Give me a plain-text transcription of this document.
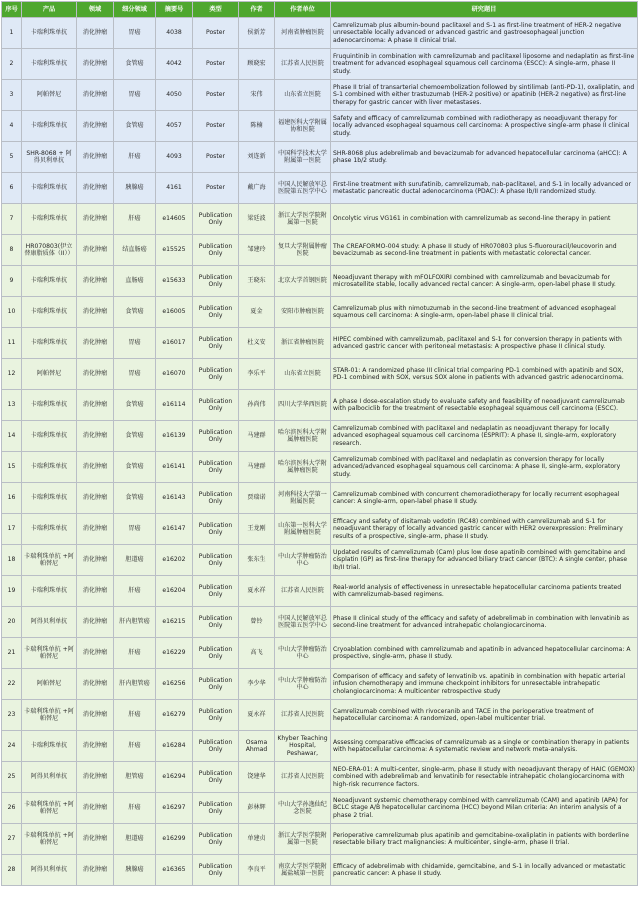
序号	产品	领域	细分领域	摘要号	类型	作者	作者单位	研究题目
1	卡瑞利珠单抗	消化肿瘤	胃癌	4038	Poster	侯新芳	河南省肿瘤医院	Camrelizumab plus albumin-bound paclitaxel and S-1 as first-line treatment of HER-2 negative unresectable locally advanced or advanced gastric and gastroesophageal junction adenocarcinoma: A phase II clinical trial.
2	卡瑞利珠单抗	消化肿瘤	食管癌	4042	Poster	顾晓宏	江苏省人民医院	Fruquintinib in combination with camrelizumab and paclitaxel liposome and nedaplatin as first-line treatment for advanced esophageal squamous cell carcinoma (ESCC): A single-arm, phase II study.
3	阿帕替尼	消化肿瘤	胃癌	4050	Poster	宋伟	山东省立医院	Phase II trial of transarterial chemoembolization followed by sintilimab (anti-PD-1), oxaliplatin, and S-1 combined with either trastuzumab (HER-2 positive) or apatinib (HER-2 negative) as first-line therapy for gastric cancer with liver metastases.
4	卡瑞利珠单抗	消化肿瘤	食管癌	4057	Poster	陈楠	福建医科大学附属协和医院	Safety and efficacy of camrelizumab combined with radiotherapy as neoadjuvant therapy for locally advanced esophageal squamous cell carcinoma: A prospective single-arm phase II clinical study.
5	SHR-8068 + 阿得贝利单抗	消化肿瘤	肝癌	4093	Poster	刘连新	中国科学技术大学附属第一医院	SHR-8068 plus adebrelimab and bevacizumab for advanced hepatocellular carcinoma (aHCC): A phase 1b/2 study.
6	卡瑞利珠单抗	消化肿瘤	胰腺癌	4161	Poster	戴广海	中国人民解放军总医院第五医学中心	First-line treatment with surufatinib, camrelizumab, nab-paclitaxel, and S-1 in locally advanced or metastatic pancreatic ductal adenocarcinoma (PDAC): A phase Ib/II randomized study.
7	卡瑞利珠单抗	消化肿瘤	肝癌	e14605	Publication Only	梁廷波	浙江大学医学院附属第一医院	Oncolytic virus VG161 in combination with camrelizumab as second-line therapy in patient
8	HR070803(伊立替康脂质体（II））	消化肿瘤	结直肠癌	e15525	Publication Only	邹建玲	复旦大学附属肿瘤医院	The CREAFORMO-004 study: A phase II study of HR070803 plus 5-fluorouracil/leucovorin and bevacizumab as second-line treatment in patients with metastatic colorectal cancer.
9	卡瑞利珠单抗	消化肿瘤	直肠癌	e15633	Publication Only	王晓东	北京大学首钢医院	Neoadjuvant therapy with mFOLFOXIRI combined with camrelizumab and bevacizumab for microsatellite stable, locally advanced rectal cancer: A single-arm, open-label phase II study.
10	卡瑞利珠单抗	消化肿瘤	食管癌	e16005	Publication Only	夏金	安阳市肿瘤医院	Camrelizumab plus with nimotuzumab in the second-line treatment of advanced esophageal squamous cell carcinoma: A single-arm, open-label phase II clinical trial.
11	卡瑞利珠单抗	消化肿瘤	胃癌	e16017	Publication Only	杜义安	浙江省肿瘤医院	HIPEC combined with camrelizumab, paclitaxel and S-1 for conversion therapy in patients with advanced gastric cancer with peritoneal metastasis: A prospective phase II clinical study.
12	阿帕替尼	消化肿瘤	胃癌	e16070	Publication Only	李乐平	山东省立医院	STAR-01: A randomized phase III clinical trial comparing PD-1 combined with apatinib and SOX, PD-1 combined with SOX, versus SOX alone in patients with advanced gastric adenocarcinoma.
13	卡瑞利珠单抗	消化肿瘤	食管癌	e16114	Publication Only	孙尚伟	四川大学华西医院	A phase I dose-escalation study to evaluate safety and feasibility of neoadjuvant camrelizumab with palbociclib for the treatment of resectable esophageal squamous cell carcinoma (ESCC).
14	卡瑞利珠单抗	消化肿瘤	食管癌	e16139	Publication Only	马建群	哈尔滨医科大学附属肿瘤医院	Camrelizumab combined with paclitaxel and nedaplatin as neoadjuvant therapy for locally advanced esophageal squamous cell carcinoma (ESPRIT): A phase II, single-arm, exploratory research.
15	卡瑞利珠单抗	消化肿瘤	食管癌	e16141	Publication Only	马建群	哈尔滨医科大学附属肿瘤医院	Camrelizumab combined with paclitaxel and nedaplatin as conversion therapy for locally advanced/advanced esophageal squamous cell carcinoma: A phase II, single-arm, exploratory study.
16	卡瑞利珠单抗	消化肿瘤	食管癌	e16143	Publication Only	贾瑞诺	河南科技大学第一附属医院	Camrelizumab combined with concurrent chemoradiotherapy for locally recurrent esophageal cancer: A single-arm, open-label phase II study.
17	卡瑞利珠单抗	消化肿瘤	胃癌	e16147	Publication Only	王龙刚	山东第一医科大学附属肿瘤医院	Efficacy and safety of disitamab vedotin (RC48) combined with camrelizumab and S-1 for neoadjuvant therapy of locally advanced gastric cancer with HER2 overexpression: Preliminary results of a prospective, single-arm, phase II study.
18	卡瑞利珠单抗 +阿帕替尼	消化肿瘤	胆道癌	e16202	Publication Only	张东生	中山大学肿瘤防治中心	Updated results of camrelizumab (Cam) plus low dose apatinib combined with gemcitabine and cisplatin (GP) as first-line therapy for advanced biliary tract cancer (BTC): A single center, phase Ib/II trial.
19	卡瑞利珠单抗	消化肿瘤	肝癌	e16204	Publication Only	夏永祥	江苏省人民医院	Real-world analysis of effectiveness in unresectable hepatocellular carcinoma patients treated with camrelizumab-based regimens.
20	阿得贝利单抗	消化肿瘤	肝内胆管癌	e16215	Publication Only	曾铃	中国人民解放军总医院第五医学中心	Phase II clinical study of the efficacy and safety of adebrelimab in combination with lenvatinib as second-line treatment for advanced intrahepatic cholangiocarcinoma.
21	卡瑞利珠单抗 +阿帕替尼	消化肿瘤	肝癌	e16229	Publication Only	高飞	中山大学肿瘤防治中心	Cryoablation combined with camrelizumab and apatinib in advanced hepatocellular carcinoma: A prospective, single-arm, phase II study.
22	阿帕替尼	消化肿瘤	肝内胆管癌	e16256	Publication Only	李少华	中山大学肿瘤防治中心	Comparison of efficacy and safety of lenvatinib vs. apatinib in combination with hepatic arterial infusion chemotherapy and immune checkpoint inhibitors for unresectable intrahepatic cholangiocarcinoma: A multicenter retrospective study
23	卡瑞利珠单抗 +阿帕替尼	消化肿瘤	肝癌	e16279	Publication Only	夏永祥	江苏省人民医院	Camrelizumab combined with rivoceranib and TACE in the perioperative treatment of hepatocellular carcinoma: A randomized, open-label multicenter trial.
24	卡瑞利珠单抗	消化肿瘤	肝癌	e16284	Publication Only	Osama Ahmad	Khyber Teaching Hospital, Peshawar,	Assessing comparative efficacies of camrelizumab as a single or combination therapy in patients with hepatocellular carcinoma: A systematic review and network meta-analysis.
25	阿得贝利单抗	消化肿瘤	胆管癌	e16294	Publication Only	饶建华	江苏省人民医院	NEO-ERA-01: A multi-center, single-arm, phase II study with neoadjuvant therapy of HAIC (GEMOX) combined with adebrelimab and lenvatinib for resectable intrahepatic cholangiocarcinoma with high-risk recurrence factors.
26	卡瑞利珠单抗 +阿帕替尼	消化肿瘤	肝癌	e16297	Publication Only	彭林辉	中山大学孙逸仙纪念医院	Neoadjuvant systemic chemotherapy combined with camrelizumab (CAM) and apatinib (APA) for BCLC stage A/B hepatocellular carcinoma (HCC) beyond Milan criteria: An interim analysis of a phase 2 trial.
27	卡瑞利珠单抗 +阿帕替尼	消化肿瘤	胆道癌	e16299	Publication Only	单建贞	浙江大学医学院附属第一医院	Perioperative camrelizumab plus apatinib and gemcitabine-oxaliplatin in patients with borderline resectable biliary tract malignancies: A multicenter, single-arm, phase II trial.
28	阿得贝利单抗	消化肿瘤	胰腺癌	e16365	Publication Only	李良平	南京大学医学院附属盐城第一医院	Efficacy of adebrelimab with chidamide, gemcitabine, and S-1 in locally advanced or metastatic pancreatic cancer: A phase II study.
